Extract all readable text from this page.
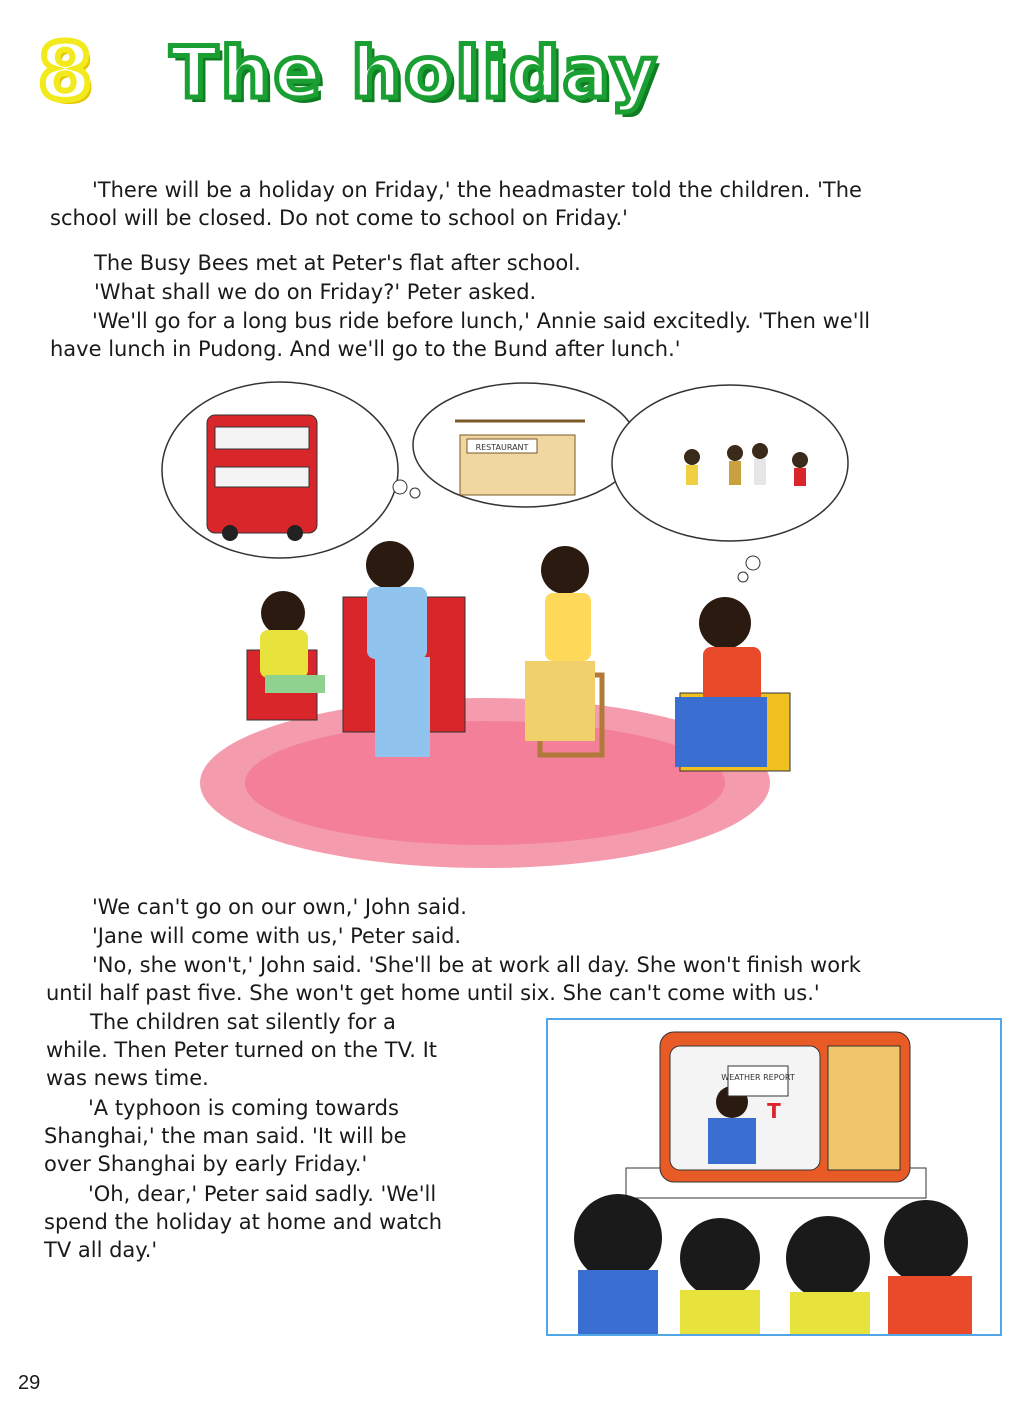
8 The holiday

'There will be a holiday on Friday,' the headmaster told the children. 'The
school will be closed. Do not come to school on Friday.'

The Busy Bees met at Peter's flat after school.

'What shall we do on Friday?' Peter asked.

'We'll go for a long bus ride before lunch,' Annie said excitedly. 'Then we'll
have lunch in Pudong. And we'll go to the Bund after lunch.'

RESTAURANT

'We can't go on our own,' John said.

'Jane will come with us,' Peter said.

'No, she won't,' John said. 'She'll be at work all day. She won't finish work
until half past five. She won't get home until six. She can't come with us.'

The children sat silently for a
while. Then Peter turned on the TV. It
was news time.

'A typhoon is coming towards
Shanghai,' the man said. 'It will be
over Shanghai by early Friday.'

'Oh, dear,' Peter said sadly. 'We'll
spend the holiday at home and watch
TV all day.'

WEATHER REPORT
T
29
